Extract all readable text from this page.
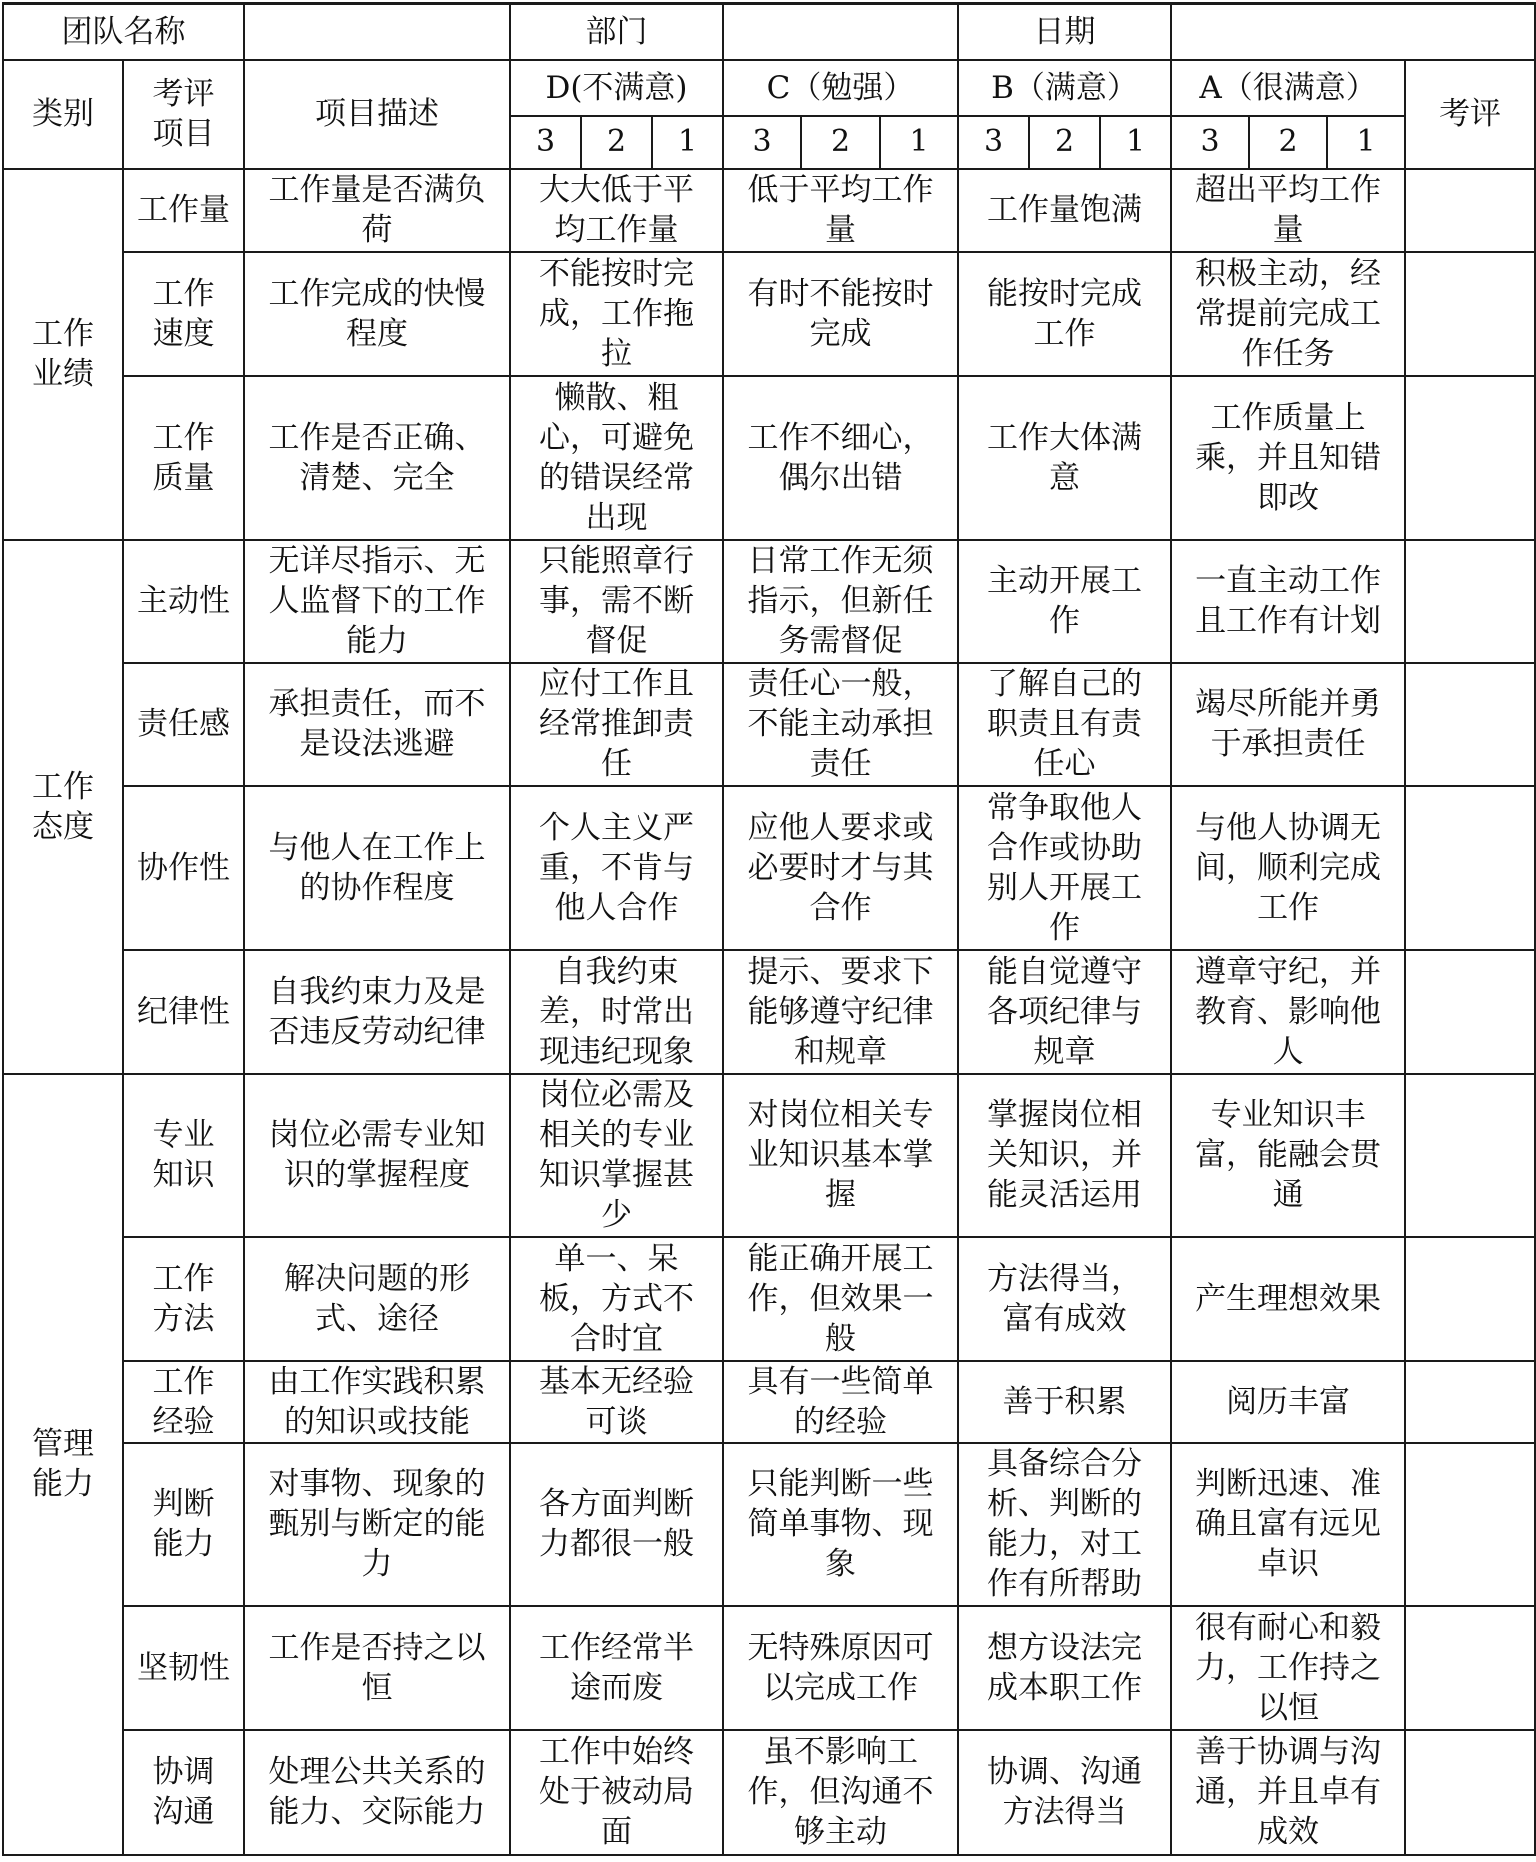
团队名称			部门						日期						
类别	考评项目	项目描述	D(不满意)			C（勉强）			B（满意）			A（很满意）			考评
			3	2	1	3	2	1	3	2	1	3	2	1	
工作业绩	工作量	工作量是否满负荷	大大低于平均工作量			低于平均工作量			工作量饱满			超出平均工作量			
	工作速度	工作完成的快慢程度	不能按时完成，工作拖拉			有时不能按时完成			能按时完成工作			积极主动，经常提前完成工作任务			
	工作质量	工作是否正确、清楚、完全	懒散、粗心，可避免的错误经常出现			工作不细心，偶尔出错			工作大体满意			工作质量上乘，并且知错即改			
工作态度	主动性	无详尽指示、无人监督下的工作能力	只能照章行事，需不断督促			日常工作无须指示，但新任务需督促			主动开展工作			一直主动工作且工作有计划			
	责任感	承担责任，而不是设法逃避	应付工作且经常推卸责任			责任心一般，不能主动承担责任			了解自己的职责且有责任心			竭尽所能并勇于承担责任			
	协作性	与他人在工作上的协作程度	个人主义严重，不肯与他人合作			应他人要求或必要时才与其合作			常争取他人合作或协助别人开展工作			与他人协调无间，顺利完成工作			
	纪律性	自我约束力及是否违反劳动纪律	自我约束差，时常出现违纪现象			提示、要求下能够遵守纪律和规章			能自觉遵守各项纪律与规章			遵章守纪，并教育、影响他人			
管理能力	专业知识	岗位必需专业知识的掌握程度	岗位必需及相关的专业知识掌握甚少			对岗位相关专业知识基本掌握			掌握岗位相关知识，并能灵活运用			专业知识丰富，能融会贯通			
	工作方法	解决问题的形式、途径	单一、呆板，方式不合时宜			能正确开展工作，但效果一般			方法得当，富有成效			产生理想效果			
	工作经验	由工作实践积累的知识或技能	基本无经验可谈			具有一些简单的经验			善于积累			阅历丰富			
	判断能力	对事物、现象的甄别与断定的能力	各方面判断力都很一般			只能判断一些简单事物、现象			具备综合分析、判断的能力，对工作有所帮助			判断迅速、准确且富有远见卓识			
	坚韧性	工作是否持之以恒	工作经常半途而废			无特殊原因可以完成工作			想方设法完成本职工作			很有耐心和毅力，工作持之以恒			
	协调沟通	处理公共关系的能力、交际能力	工作中始终处于被动局面			虽不影响工作，但沟通不够主动			协调、沟通方法得当			善于协调与沟通，并且卓有成效			
